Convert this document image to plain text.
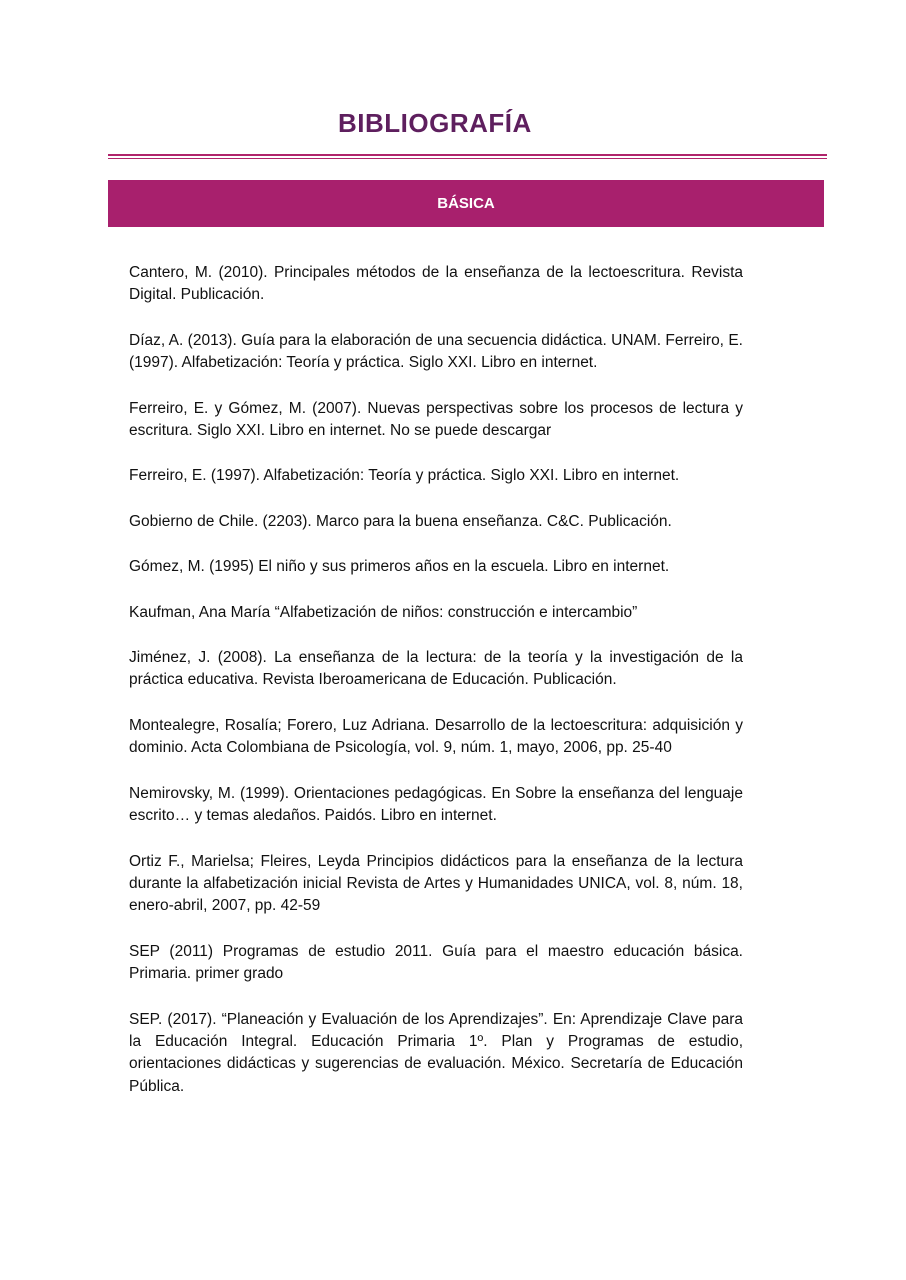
BIBLIOGRAFÍA
BÁSICA
Cantero, M. (2010). Principales métodos de la enseñanza de la lectoescritura. Revista Digital. Publicación.
Díaz, A. (2013). Guía para la elaboración de una secuencia didáctica. UNAM. Ferreiro, E. (1997). Alfabetización: Teoría y práctica. Siglo XXI. Libro en internet.
Ferreiro, E. y Gómez, M. (2007). Nuevas perspectivas sobre los procesos de lectura y escritura. Siglo XXI. Libro en internet. No se puede descargar
Ferreiro, E. (1997). Alfabetización: Teoría y práctica. Siglo XXI. Libro en internet.
Gobierno de Chile. (2203). Marco para la buena enseñanza. C&C. Publicación.
Gómez, M. (1995) El niño y sus primeros años en la escuela. Libro en internet.
Kaufman, Ana María “Alfabetización de niños: construcción e intercambio”
Jiménez, J. (2008). La enseñanza de la lectura: de la teoría y la investigación de la práctica educativa. Revista Iberoamericana de Educación. Publicación.
Montealegre, Rosalía; Forero, Luz Adriana. Desarrollo de la lectoescritura: adquisición y dominio. Acta Colombiana de Psicología, vol. 9, núm. 1, mayo, 2006, pp. 25-40
Nemirovsky, M. (1999). Orientaciones pedagógicas. En Sobre la enseñanza del lenguaje escrito… y temas aledaños. Paidós. Libro en internet.
Ortiz F., Marielsa; Fleires, Leyda Principios didácticos para la enseñanza de la lectura durante la alfabetización inicial Revista de Artes y Humanidades UNICA, vol. 8, núm. 18, enero-abril, 2007, pp. 42-59
SEP (2011) Programas de estudio 2011. Guía para el maestro educación básica. Primaria. primer grado
SEP. (2017). “Planeación y Evaluación de los Aprendizajes”. En: Aprendizaje Clave para la Educación Integral. Educación Primaria 1º. Plan y Programas de estudio, orientaciones didácticas y sugerencias de evaluación. México. Secretaría de Educación Pública.
